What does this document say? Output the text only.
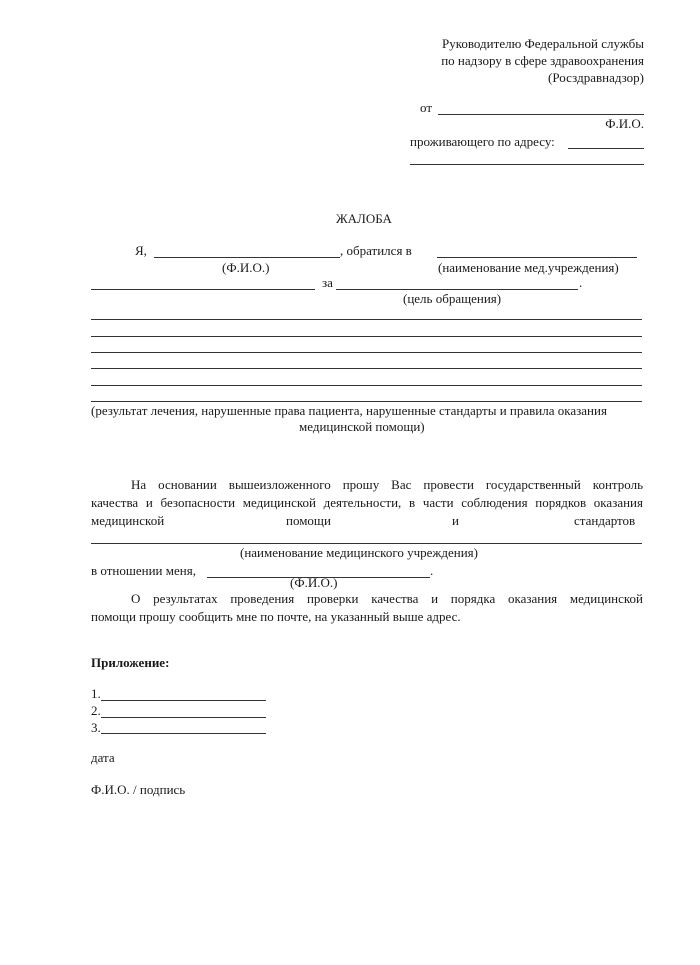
Руководителю Федеральной службы
по надзору в сфере здравоохранения
(Росздравнадзор)
от
Ф.И.О.
проживающего по адресу:
ЖАЛОБА
Я,	, обратился в
(Ф.И.О.)	(наименование мед.учреждения)
за	.
(цель обращения)
(результат лечения, нарушенные права пациента, нарушенные стандарты и правила оказания
медицинской помощи)
На основании вышеизложенного прошу Вас провести государственный контроль
качества и безопасности медицинской деятельности, в части соблюдения порядков оказания
медицинской	помощи	и	стандартов
(наименование медицинского учреждения)
в отношении меня,	.
(Ф.И.О.)
О результатах проведения проверки качества и порядка оказания медицинской
помощи прошу сообщить мне по почте, на указанный выше адрес.
Приложение:
1.
2.
3.
дата
Ф.И.О. / подпись
